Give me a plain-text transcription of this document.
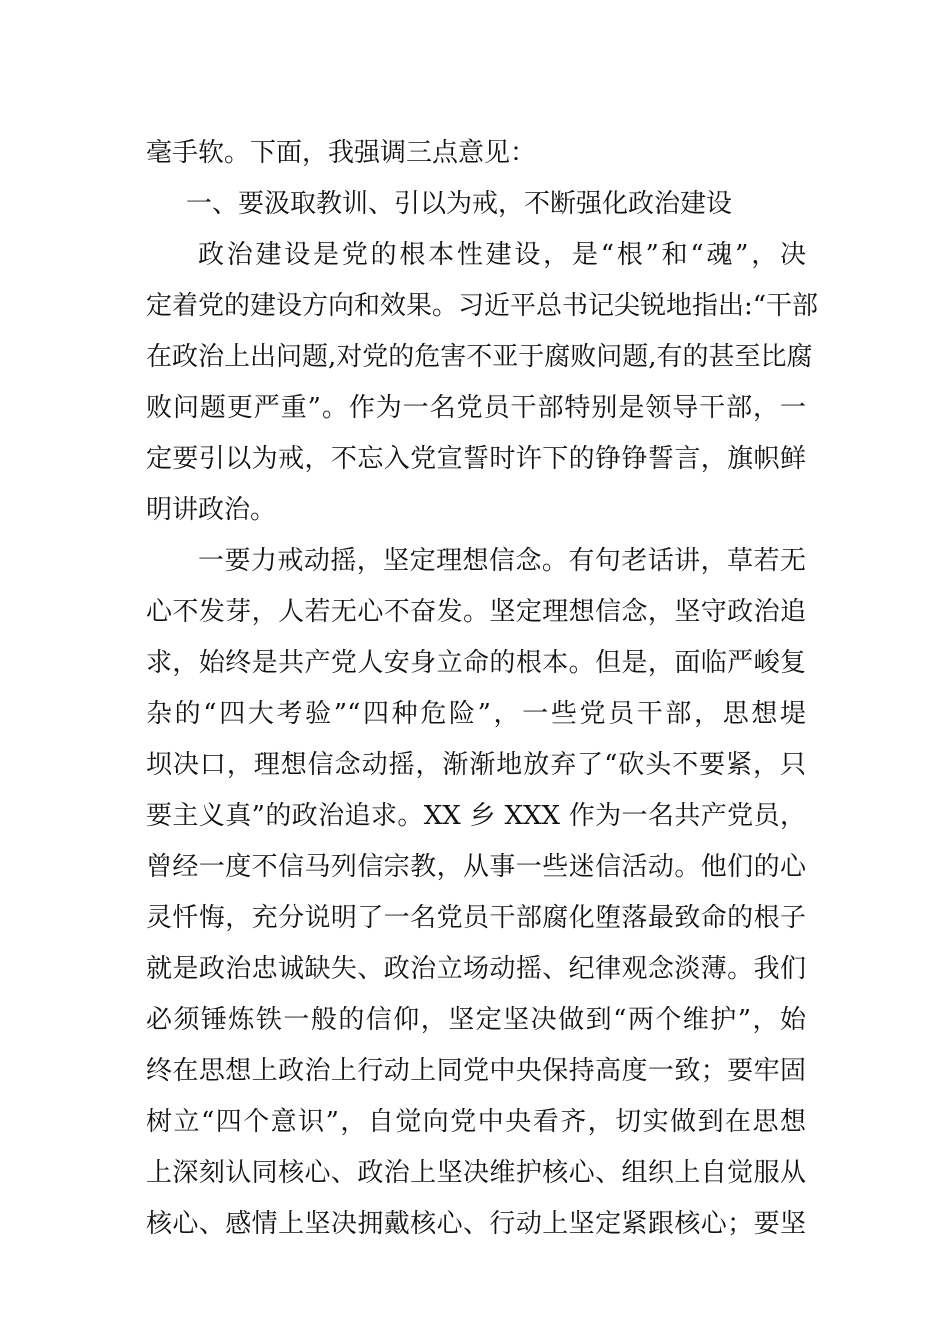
毫手软。下面，我强调三点意见：
一、要汲取教训、引以为戒，不断强化政治建设
政治建设是党的根本性建设，是“根”和“魂”，决
定着党的建设方向和效果。习近平总书记尖锐地指出:“干部
在政治上出问题,对党的危害不亚于腐败问题,有的甚至比腐
败问题更严重”。作为一名党员干部特别是领导干部，一
定要引以为戒，不忘入党宣誓时许下的铮铮誓言，旗帜鲜
明讲政治。
一要力戒动摇，坚定理想信念。有句老话讲，草若无
心不发芽，人若无心不奋发。坚定理想信念，坚守政治追
求，始终是共产党人安身立命的根本。但是，面临严峻复
杂的“四大考验”“四种危险”，一些党员干部，思想堤
坝决口，理想信念动摇，渐渐地放弃了“砍头不要紧，只
要主义真”的政治追求。XX 乡 XXX 作为一名共产党员，
曾经一度不信马列信宗教，从事一些迷信活动。他们的心
灵忏悔，充分说明了一名党员干部腐化堕落最致命的根子
就是政治忠诚缺失、政治立场动摇、纪律观念淡薄。我们
必须锤炼铁一般的信仰，坚定坚决做到“两个维护”，始
终在思想上政治上行动上同党中央保持高度一致；要牢固
树立“四个意识”，自觉向党中央看齐，切实做到在思想
上深刻认同核心、政治上坚决维护核心、组织上自觉服从
核心、感情上坚决拥戴核心、行动上坚定紧跟核心；要坚
